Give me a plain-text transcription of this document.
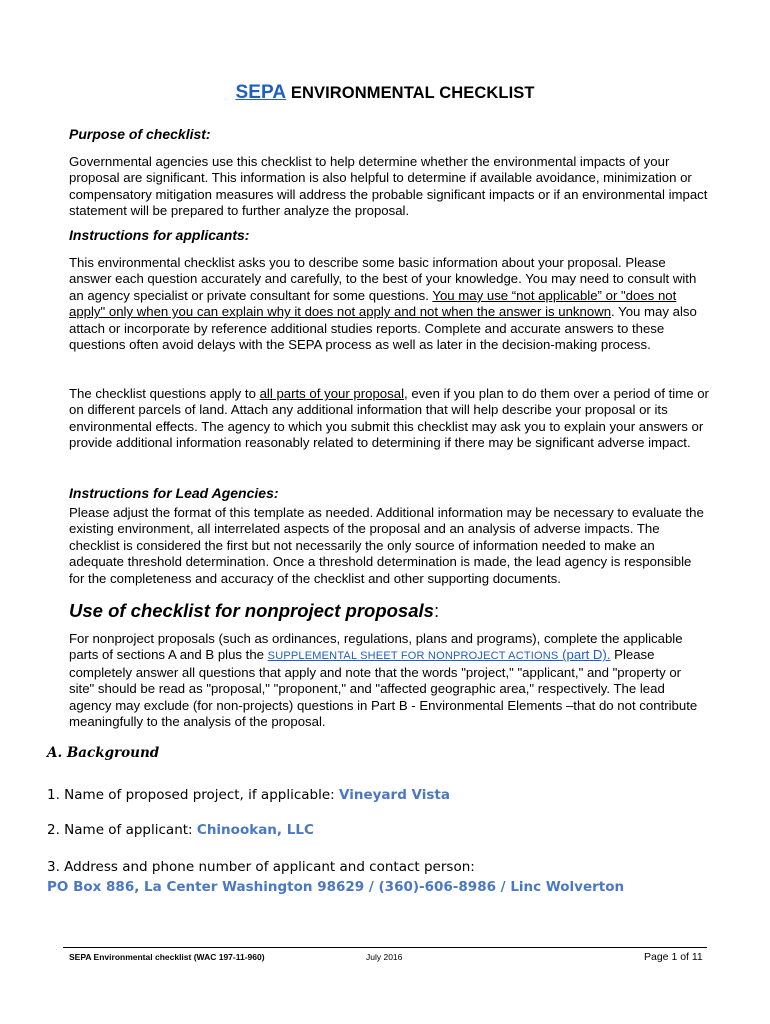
SEPA ENVIRONMENTAL CHECKLIST
Purpose of checklist:

Governmental agencies use this checklist to help determine whether the environmental impacts of your proposal are significant. This information is also helpful to determine if available avoidance, minimization or compensatory mitigation measures will address the probable significant impacts or if an environmental impact statement will be prepared to further analyze the proposal.

Instructions for applicants:

This environmental checklist asks you to describe some basic information about your proposal. Please answer each question accurately and carefully, to the best of your knowledge. You may need to consult with an agency specialist or private consultant for some questions. You may use “not applicable” or "does not apply" only when you can explain why it does not apply and not when the answer is unknown. You may also attach or incorporate by reference additional studies reports. Complete and accurate answers to these questions often avoid delays with the SEPA process as well as later in the decision-making process.

The checklist questions apply to all parts of your proposal, even if you plan to do them over a period of time or on different parcels of land. Attach any additional information that will help describe your proposal or its environmental effects. The agency to which you submit this checklist may ask you to explain your answers or provide additional information reasonably related to determining if there may be significant adverse impact.

Instructions for Lead Agencies:

Please adjust the format of this template as needed. Additional information may be necessary to evaluate the existing environment, all interrelated aspects of the proposal and an analysis of adverse impacts. The checklist is considered the first but not necessarily the only source of information needed to make an adequate threshold determination. Once a threshold determination is made, the lead agency is responsible for the completeness and accuracy of the checklist and other supporting documents.

Use of checklist for nonproject proposals:

For nonproject proposals (such as ordinances, regulations, plans and programs), complete the applicable parts of sections A and B plus the SUPPLEMENTAL SHEET FOR NONPROJECT ACTIONS (part D). Please completely answer all questions that apply and note that the words "project," "applicant," and "property or site" should be read as "proposal," "proponent," and "affected geographic area," respectively. The lead agency may exclude (for non-projects) questions in Part B - Environmental Elements –that do not contribute meaningfully to the analysis of the proposal.

A. Background
1. Name of proposed project, if applicable: Vineyard Vista
2. Name of applicant: Chinookan, LLC
3. Address and phone number of applicant and contact person:
PO Box 886, La Center Washington 98629 / (360)-606-8986 / Linc Wolverton
SEPA Environmental checklist (WAC 197-11-960)	July 2016	Page 1 of 11
